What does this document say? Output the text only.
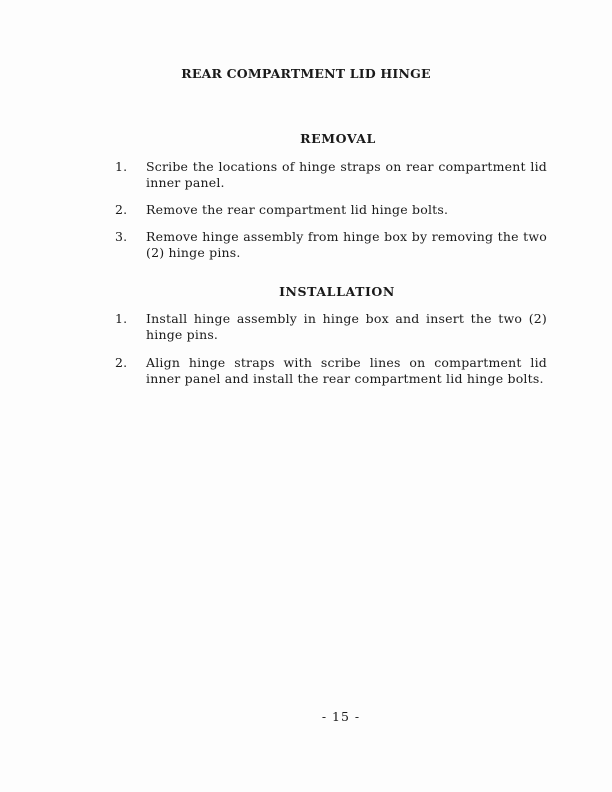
REAR COMPARTMENT LID HINGE
REMOVAL
1.	Scribe the locations of hinge straps on rear compartment lid inner panel.
2.	Remove the rear compartment lid hinge bolts.
3.	Remove hinge assembly from hinge box by removing the two (2) hinge pins.
INSTALLATION
1.	Install hinge assembly in hinge box and insert the two (2) hinge pins.
2.	Align hinge straps with scribe lines on compartment lid inner panel and install the rear compartment lid hinge bolts.

- 15 -
